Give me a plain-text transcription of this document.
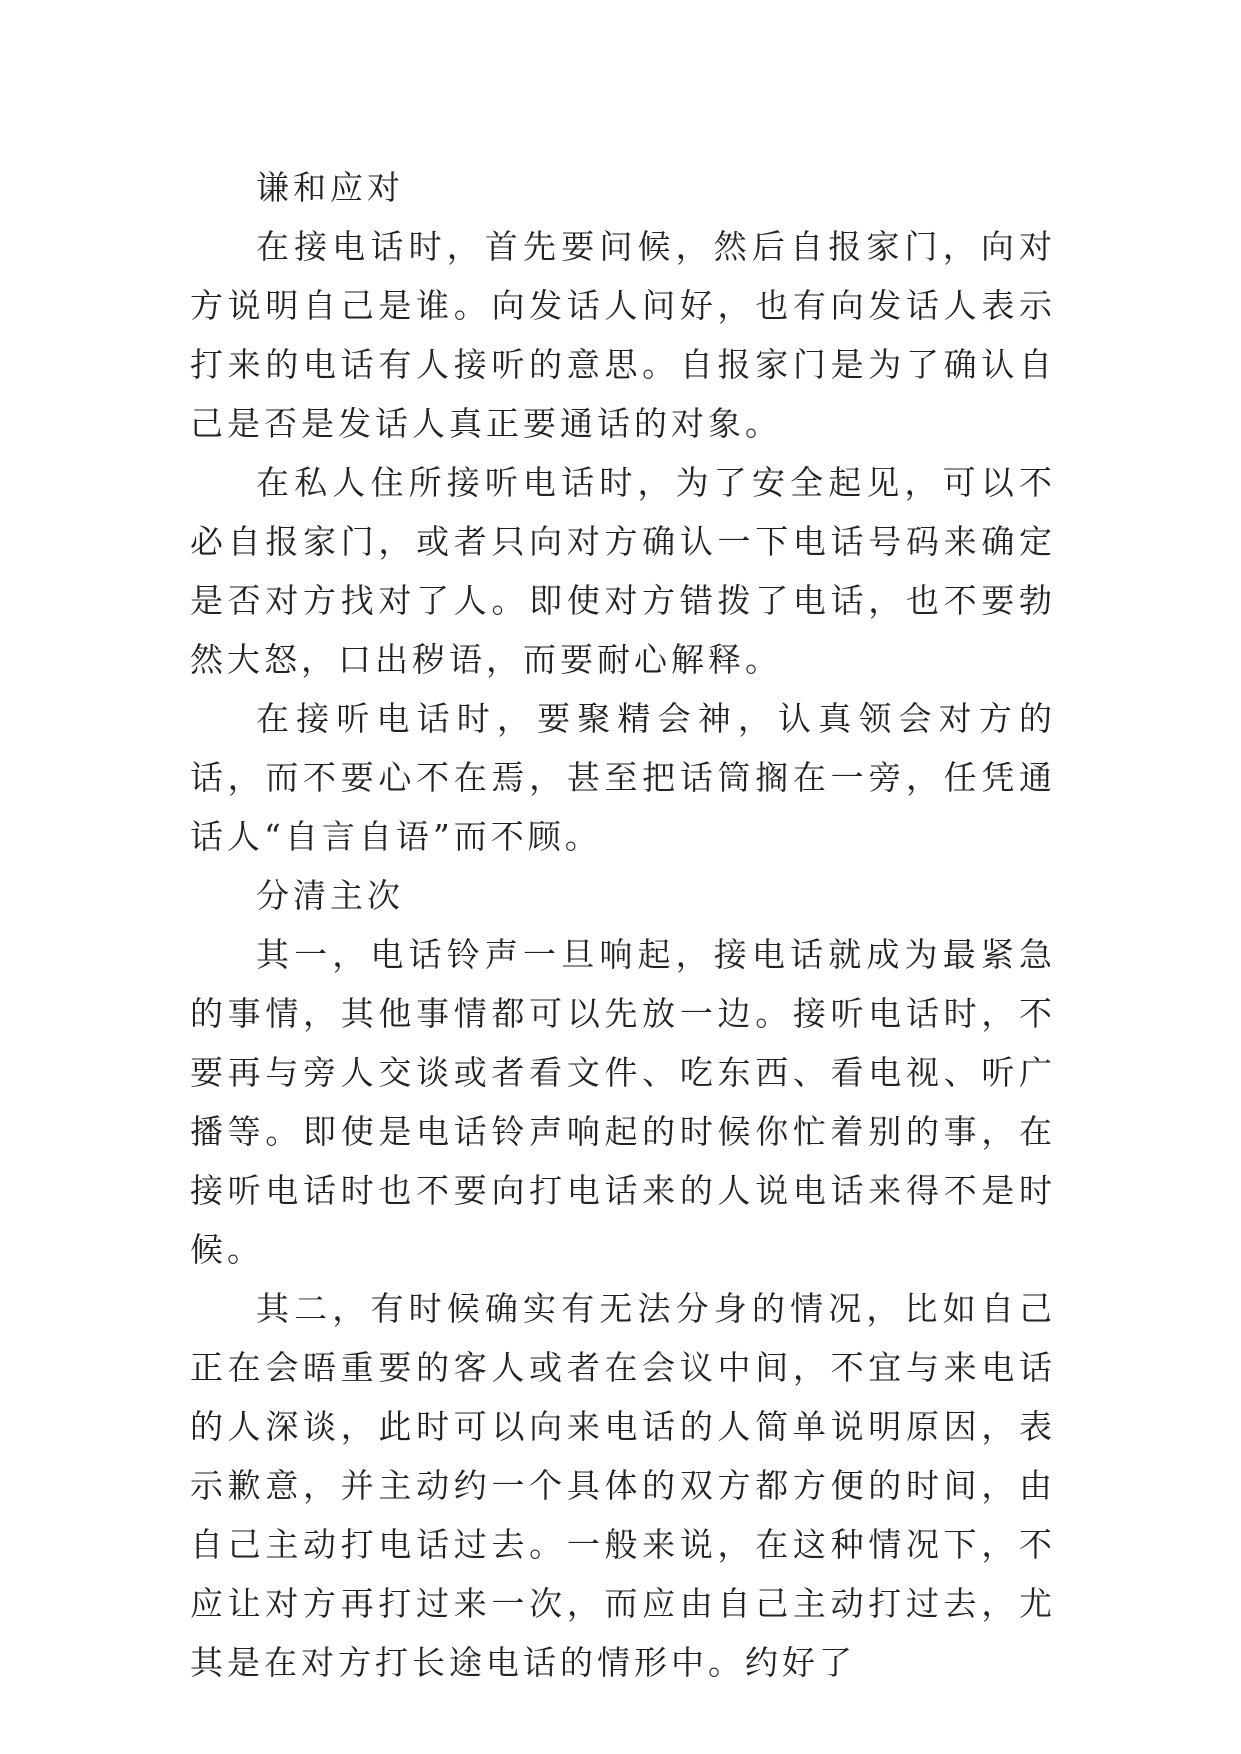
谦和应对

在接电话时，首先要问候，然后自报家门，向对方说明自己是谁。向发话人问好，也有向发话人表示打来的电话有人接听的意思。自报家门是为了确认自己是否是发话人真正要通话的对象。

在私人住所接听电话时，为了安全起见，可以不必自报家门，或者只向对方确认一下电话号码来确定是否对方找对了人。即使对方错拨了电话，也不要勃然大怒，口出秽语，而要耐心解释。

在接听电话时，要聚精会神，认真领会对方的话，而不要心不在焉，甚至把话筒搁在一旁，任凭通话人“自言自语”而不顾。

分清主次

其一，电话铃声一旦响起，接电话就成为最紧急的事情，其他事情都可以先放一边。接听电话时，不要再与旁人交谈或者看文件、吃东西、看电视、听广播等。即使是电话铃声响起的时候你忙着别的事，在接听电话时也不要向打电话来的人说电话来得不是时候。

其二，有时候确实有无法分身的情况，比如自己正在会晤重要的客人或者在会议中间，不宜与来电话的人深谈，此时可以向来电话的人简单说明原因，表示歉意，并主动约一个具体的双方都方便的时间，由自己主动打电话过去。一般来说，在这种情况下，不应让对方再打过来一次，而应由自己主动打过去，尤其是在对方打长途电话的情形中。约好了
